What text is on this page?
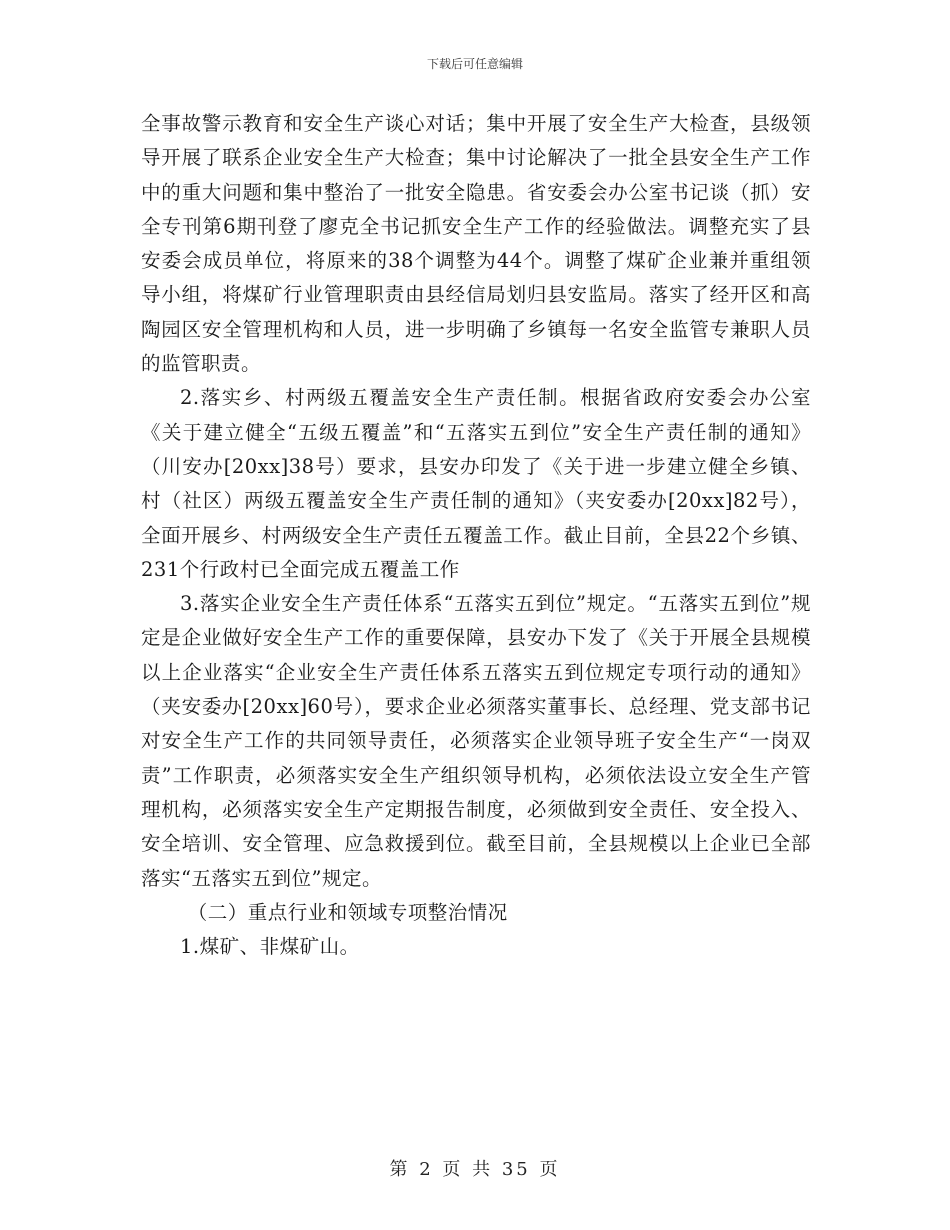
下载后可任意编辑

全事故警示教育和安全生产谈心对话；集中开展了安全生产大检查，县级领导开展了联系企业安全生产大检查；集中讨论解决了一批全县安全生产工作中的重大问题和集中整治了一批安全隐患。省安委会办公室书记谈（抓）安全专刊第6期刊登了廖克全书记抓安全生产工作的经验做法。调整充实了县安委会成员单位，将原来的38个调整为44个。调整了煤矿企业兼并重组领导小组，将煤矿行业管理职责由县经信局划归县安监局。落实了经开区和高陶园区安全管理机构和人员，进一步明确了乡镇每一名安全监管专兼职人员的监管职责。

2.落实乡、村两级五覆盖安全生产责任制。根据省政府安委会办公室《关于建立健全“五级五覆盖”和“五落实五到位”安全生产责任制的通知》（川安办[20xx]38号）要求，县安办印发了《关于进一步建立健全乡镇、村（社区）两级五覆盖安全生产责任制的通知》（夹安委办[20xx]82号），全面开展乡、村两级安全生产责任五覆盖工作。截止目前，全县22个乡镇、231个行政村已全面完成五覆盖工作

3.落实企业安全生产责任体系“五落实五到位”规定。“五落实五到位”规定是企业做好安全生产工作的重要保障，县安办下发了《关于开展全县规模以上企业落实“企业安全生产责任体系五落实五到位规定专项行动的通知》（夹安委办[20xx]60号），要求企业必须落实董事长、总经理、党支部书记对安全生产工作的共同领导责任，必须落实企业领导班子安全生产“一岗双责”工作职责，必须落实安全生产组织领导机构，必须依法设立安全生产管理机构，必须落实安全生产定期报告制度，必须做到安全责任、安全投入、安全培训、安全管理、应急救援到位。截至目前，全县规模以上企业已全部落实“五落实五到位”规定。

（二）重点行业和领域专项整治情况

1.煤矿、非煤矿山。

第 2 页 共 35 页
